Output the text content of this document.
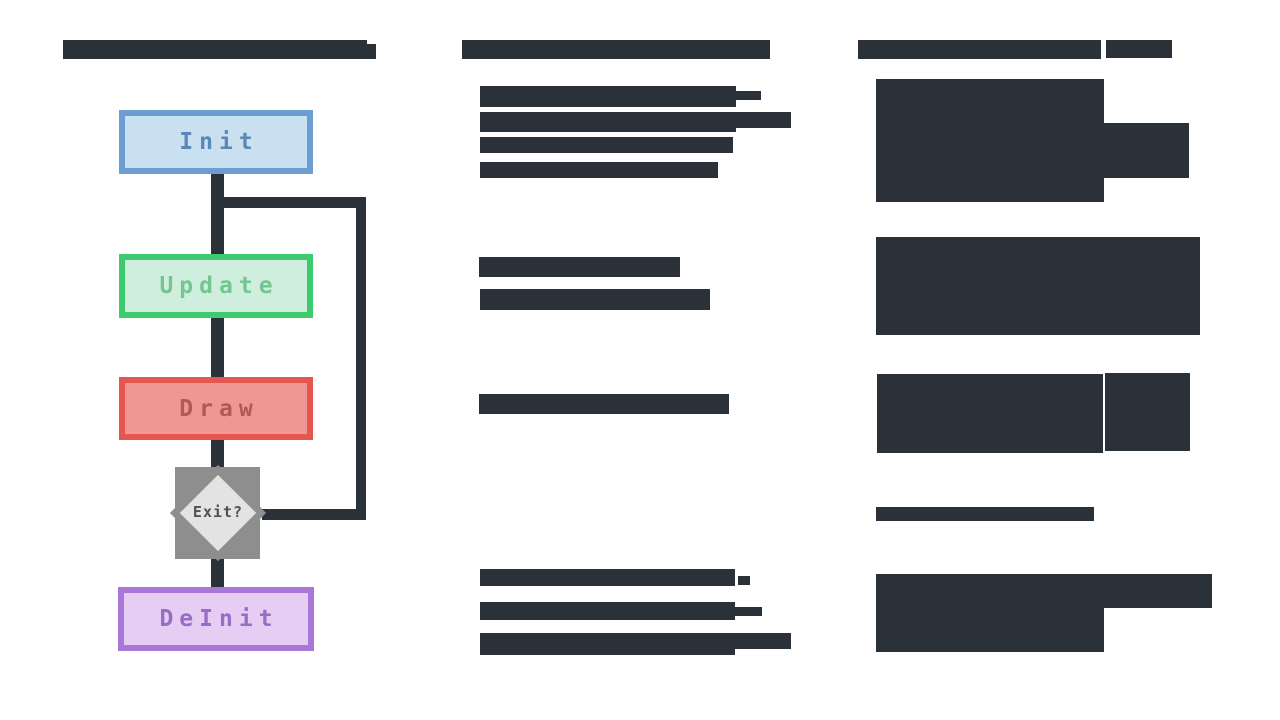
Init
Update
Draw
DeInit
Exit?
